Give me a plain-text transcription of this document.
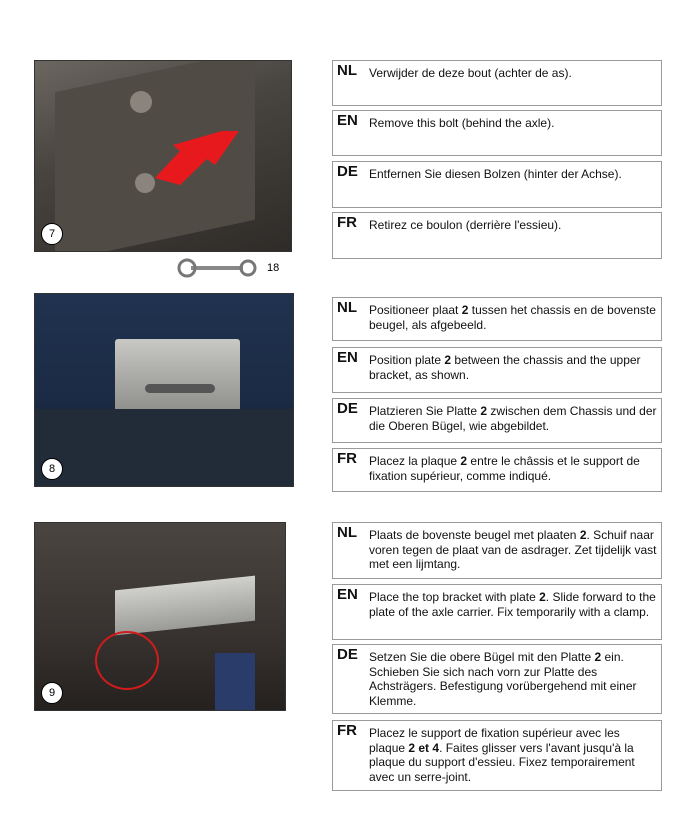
7
18
8
9
NL Verwijder de deze bout (achter de as).
EN Remove this bolt (behind the axle).
DE Entfernen Sie diesen Bolzen (hinter der Achse).
FR Retirez ce boulon (derrière l'essieu).
NL Positioneer plaat 2 tussen het chassis en de bovenste beugel, als afgebeeld.
EN Position plate 2 between the chassis and the upper bracket, as shown.
DE Platzieren Sie Platte 2 zwischen dem Chassis und der die Oberen Bügel, wie abgebildet.
FR Placez la plaque 2 entre le châssis et le support de fixation supérieur, comme indiqué.
NL Plaats de bovenste beugel met plaaten 2. Schuif naar voren tegen de plaat van de asdrager. Zet tijdelijk vast met een lijmtang.
EN Place the top bracket with plate 2. Slide forward to the plate of the axle carrier. Fix temporarily with a clamp.
DE Setzen Sie die obere Bügel mit den Platte 2 ein. Schieben Sie sich nach vorn zur Platte des Achsträgers. Befestigung vorübergehend mit einer Klemme.
FR Placez le support de fixation supérieur avec les plaque 2 et 4. Faites glisser vers l'avant jusqu'à la plaque du support d'essieu. Fixez temporairement avec un serre-joint.
